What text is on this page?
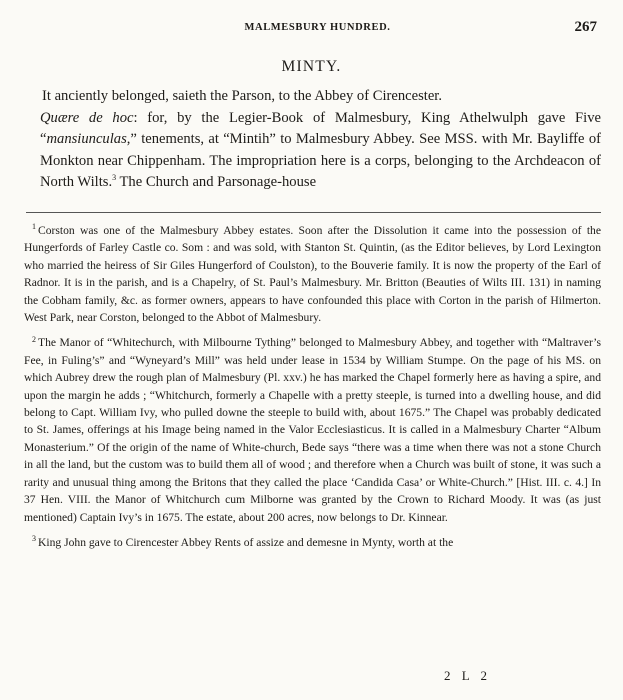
MALMESBURY HUNDRED.	267
MINTY.

It anciently belonged, saieth the Parson, to the Abbey of Cirencester.

Quære de hoc: for, by the Legier-Book of Malmesbury, King Athelwulph gave Five “mansiunculas,” tenements, at “Mintih” to Malmesbury Abbey. See MSS. with Mr. Bayliffe of Monkton near Chippenham. The impropriation here is a corps, belonging to the Archdeacon of North Wilts.$^3$ The Church and Parsonage-house

$^1$ Corston was one of the Malmesbury Abbey estates. Soon after the Dissolution it came into the possession of the Hungerfords of Farley Castle co. Som : and was sold, with Stanton St. Quintin, (as the Editor believes, by Lord Lexington who married the heiress of Sir Giles Hungerford of Coulston), to the Bouverie family. It is now the property of the Earl of Radnor. It is in the parish, and is a Chapelry, of St. Paul’s Malmesbury. Mr. Britton (Beauties of Wilts III. 131) in naming the Cobham family, &c. as former owners, appears to have confounded this place with Corton in the parish of Hilmerton. West Park, near Corston, belonged to the Abbot of Malmesbury.

$^2$ The Manor of “Whitechurch, with Milbourne Tything” belonged to Malmesbury Abbey, and together with “Maltraver’s Fee, in Fuling’s” and “Wyneyard’s Mill” was held under lease in 1534 by William Stumpe. On the page of his MS. on which Aubrey drew the rough plan of Malmesbury (Pl. xxv.) he has marked the Chapel formerly here as having a spire, and upon the margin he adds ; “Whitchurch, formerly a Chapelle with a pretty steeple, is turned into a dwelling house, and did belong to Capt. William Ivy, who pulled downe the steeple to build with, about 1675.” The Chapel was probably dedicated to St. James, offerings at his Image being named in the Valor Ecclesiasticus. It is called in a Malmesbury Charter “Album Monasterium.” Of the origin of the name of White-church, Bede says “there was a time when there was not a stone Church in all the land, but the custom was to build them all of wood ; and therefore when a Church was built of stone, it was such a rarity and unusual thing among the Britons that they called the place ‘Candida Casa’ or White-Church.” [Hist. III. c. 4.] In 37 Hen. VIII. the Manor of Whitchurch cum Milborne was granted by the Crown to Richard Moody. It was (as just mentioned) Captain Ivy’s in 1675. The estate, about 200 acres, now belongs to Dr. Kinnear.

$^3$ King John gave to Cirencester Abbey Rents of assize and demesne in Mynty, worth at the

2 L 2
